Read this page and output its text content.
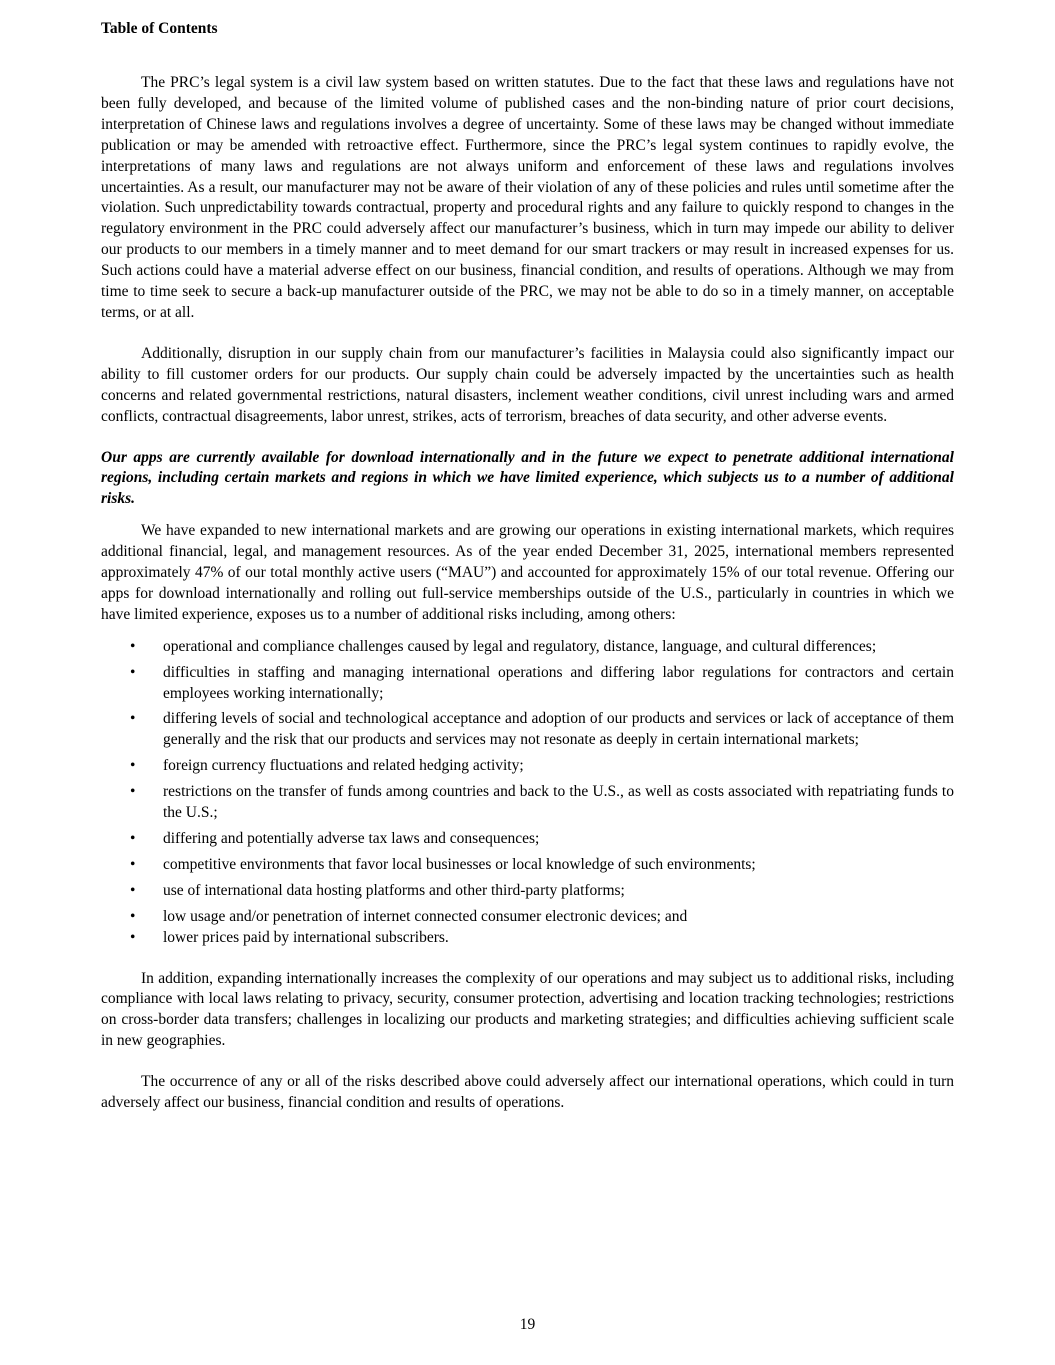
Table of Contents

The PRC’s legal system is a civil law system based on written statutes. Due to the fact that these laws and regulations have not been fully developed, and because of the limited volume of published cases and the non-binding nature of prior court decisions, interpretation of Chinese laws and regulations involves a degree of uncertainty. Some of these laws may be changed without immediate publication or may be amended with retroactive effect. Furthermore, since the PRC’s legal system continues to rapidly evolve, the interpretations of many laws and regulations are not always uniform and enforcement of these laws and regulations involves uncertainties. As a result, our manufacturer may not be aware of their violation of any of these policies and rules until sometime after the violation. Such unpredictability towards contractual, property and procedural rights and any failure to quickly respond to changes in the regulatory environment in the PRC could adversely affect our manufacturer’s business, which in turn may impede our ability to deliver our products to our members in a timely manner and to meet demand for our smart trackers or may result in increased expenses for us. Such actions could have a material adverse effect on our business, financial condition, and results of operations. Although we may from time to time seek to secure a back-up manufacturer outside of the PRC, we may not be able to do so in a timely manner, on acceptable terms, or at all.

Additionally, disruption in our supply chain from our manufacturer’s facilities in Malaysia could also significantly impact our ability to fill customer orders for our products. Our supply chain could be adversely impacted by the uncertainties such as health concerns and related governmental restrictions, natural disasters, inclement weather conditions, civil unrest including wars and armed conflicts, contractual disagreements, labor unrest, strikes, acts of terrorism, breaches of data security, and other adverse events.

Our apps are currently available for download internationally and in the future we expect to penetrate additional international regions, including certain markets and regions in which we have limited experience, which subjects us to a number of additional risks.

We have expanded to new international markets and are growing our operations in existing international markets, which requires additional financial, legal, and management resources. As of the year ended December 31, 2025, international members represented approximately 47% of our total monthly active users (“MAU”) and accounted for approximately 15% of our total revenue. Offering our apps for download internationally and rolling out full-service memberships outside of the U.S., particularly in countries in which we have limited experience, exposes us to a number of additional risks including, among others:

• operational and compliance challenges caused by legal and regulatory, distance, language, and cultural differences;
• difficulties in staffing and managing international operations and differing labor regulations for contractors and certain employees working internationally;
• differing levels of social and technological acceptance and adoption of our products and services or lack of acceptance of them generally and the risk that our products and services may not resonate as deeply in certain international markets;
• foreign currency fluctuations and related hedging activity;
• restrictions on the transfer of funds among countries and back to the U.S., as well as costs associated with repatriating funds to the U.S.;
• differing and potentially adverse tax laws and consequences;
• competitive environments that favor local businesses or local knowledge of such environments;
• use of international data hosting platforms and other third-party platforms;
• low usage and/or penetration of internet connected consumer electronic devices; and
• lower prices paid by international subscribers.

In addition, expanding internationally increases the complexity of our operations and may subject us to additional risks, including compliance with local laws relating to privacy, security, consumer protection, advertising and location tracking technologies; restrictions on cross-border data transfers; challenges in localizing our products and marketing strategies; and difficulties achieving sufficient scale in new geographies.

The occurrence of any or all of the risks described above could adversely affect our international operations, which could in turn adversely affect our business, financial condition and results of operations.

19
